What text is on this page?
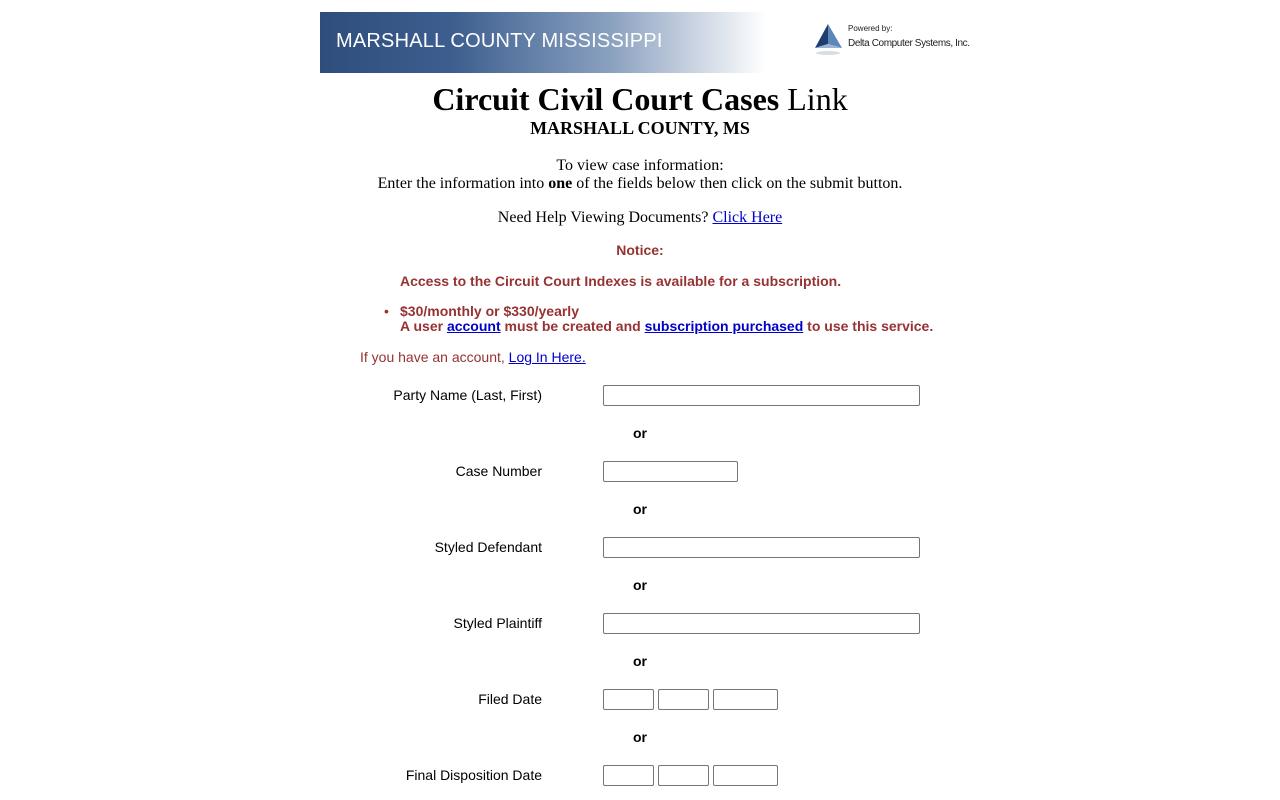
MARSHALL COUNTY MISSISSIPPI
Powered by:
Delta Computer Systems, Inc.
Circuit Civil Court Cases Link
MARSHALL COUNTY, MS
To view case information:
Enter the information into one of the fields below then click on the submit button.
Need Help Viewing Documents? Click Here
Notice:
Access to the Circuit Court Indexes is available for a subscription.
• $30/monthly or $330/yearly
A user account must be created and subscription purchased to use this service.
If you have an account, Log In Here.
Party Name (Last, First)
or
Case Number
or
Styled Defendant
or
Styled Plaintiff
or
Filed Date
or
Final Disposition Date
